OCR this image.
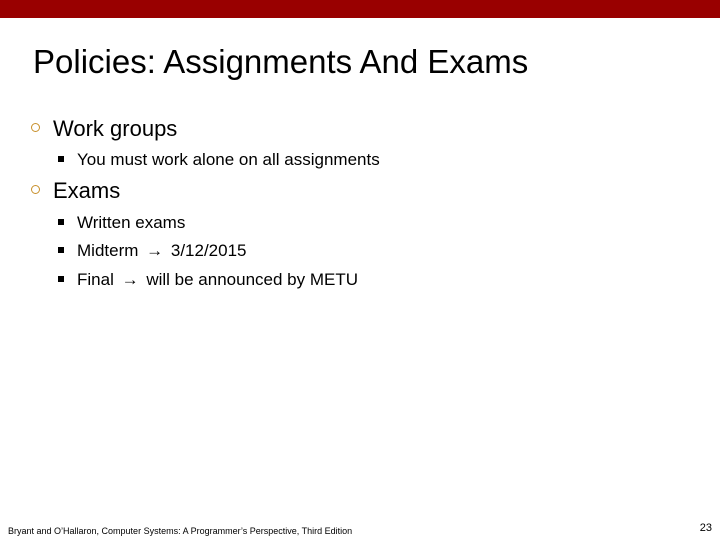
Policies: Assignments And Exams
Work groups
You must work alone on all assignments
Exams
Written exams
Midterm → 3/12/2015
Final → will be announced by METU
Bryant and O’Hallaron, Computer Systems: A Programmer’s Perspective, Third Edition	23
